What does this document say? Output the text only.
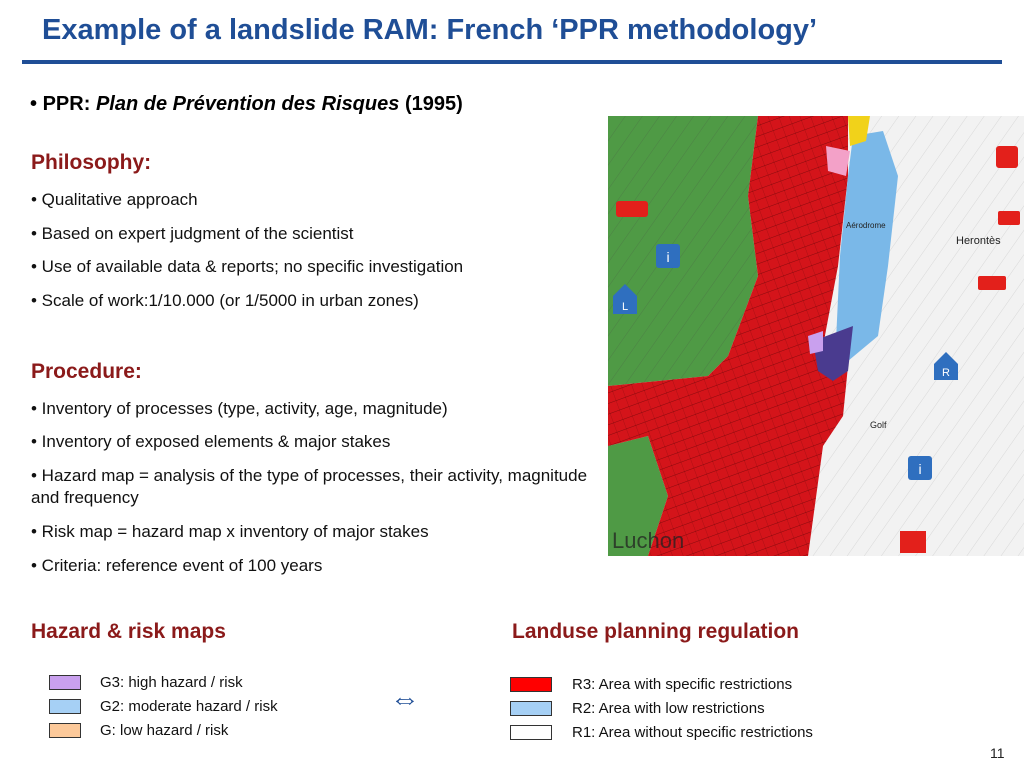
Example of a landslide RAM: French ‘PPR methodology’
• PPR: Plan de Prévention des Risques (1995)
Philosophy:
• Qualitative approach
• Based on expert judgment of the scientist
• Use of available data & reports; no specific investigation
• Scale of work:1/10.000 (or 1/5000 in urban zones)
Procedure:
• Inventory of processes (type, activity, age, magnitude)
• Inventory of exposed elements & major stakes
• Hazard map = analysis of the type of processes, their activity, magnitude and frequency
• Risk map = hazard map x inventory of major stakes
• Criteria: reference event of 100 years
i
L
R
i
Herontès
Luchon
Aérodrome
Golf
Hazard & risk maps
G3: high hazard / risk
G2: moderate hazard / risk
G: low hazard / risk
⇔
Landuse planning regulation
R3: Area with specific restrictions
R2: Area with low restrictions
R1: Area without specific restrictions
11
